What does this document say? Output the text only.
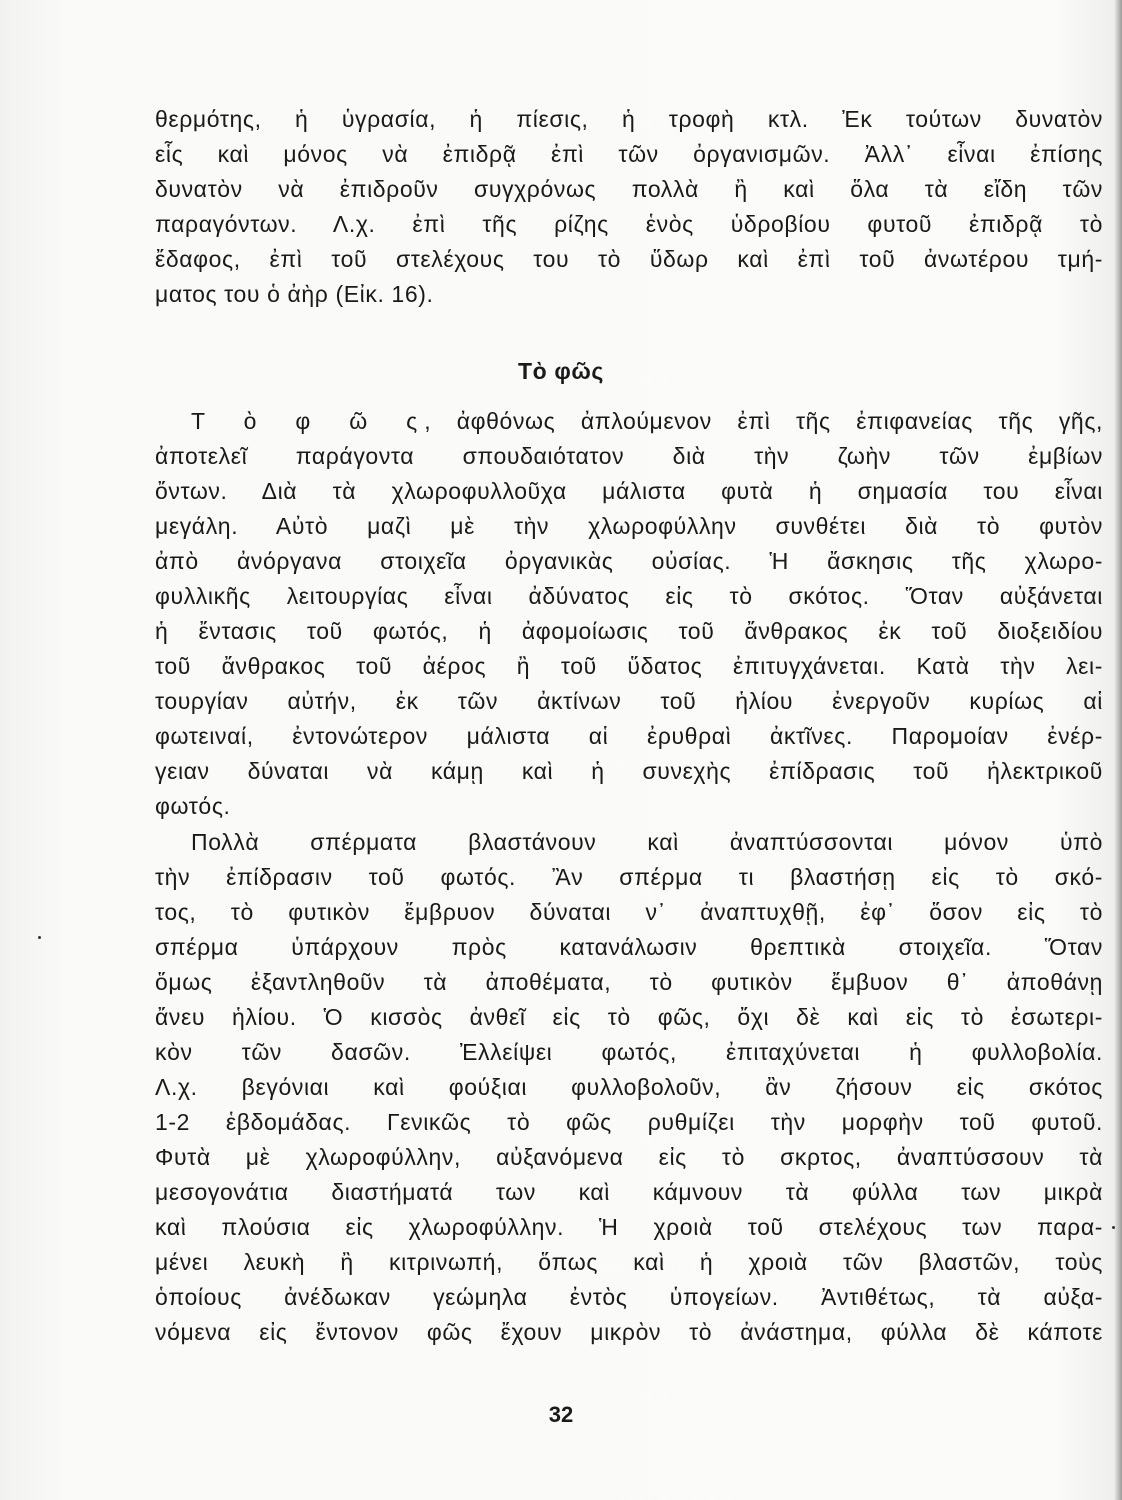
θερμότης, ἡ ὑγρασία, ἡ πίεσις, ἡ τροφὴ κτλ. Ἐκ τούτων δυνατὸν
εἷς καὶ μόνος νὰ ἐπιδρᾷ ἐπὶ τῶν ὀργανισμῶν. Ἀλλ᾽ εἶναι ἐπίσης
δυνατὸν νὰ ἐπιδροῦν συγχρόνως πολλὰ ἢ καὶ ὅλα τὰ εἴδη τῶν
παραγόντων. Λ.χ. ἐπὶ τῆς ρίζης ἑνὸς ὑδροβίου φυτοῦ ἐπιδρᾷ τὸ
ἔδαφος, ἐπὶ τοῦ στελέχους του τὸ ὕδωρ καὶ ἐπὶ τοῦ ἀνωτέρου τμή-
ματος του ὁ ἀὴρ (Εἰκ. 16).
Τὸ φῶς
Τ ὸ φ ῶ ς, ἀφθόνως ἀπλούμενον ἐπὶ τῆς ἐπιφανείας τῆς γῆς,
ἀποτελεῖ παράγοντα σπουδαιότατον διὰ τὴν ζωὴν τῶν ἐμβίων
ὄντων. Διὰ τὰ χλωροφυλλοῦχα μάλιστα φυτὰ ἡ σημασία του εἶναι
μεγάλη. Αὐτὸ μαζὶ μὲ τὴν χλωροφύλλην συνθέτει διὰ τὸ φυτὸν
ἀπὸ ἀνόργανα στοιχεῖα ὀργανικὰς οὐσίας. Ἡ ἄσκησις τῆς χλωρο-
φυλλικῆς λειτουργίας εἶναι ἀδύνατος εἰς τὸ σκότος. Ὅταν αὐξάνεται
ἡ ἔντασις τοῦ φωτός, ἡ ἀφομοίωσις τοῦ ἄνθρακος ἐκ τοῦ διοξειδίου
τοῦ ἄνθρακος τοῦ ἀέρος ἢ τοῦ ὕδατος ἐπιτυγχάνεται. Κατὰ τὴν λει-
τουργίαν αὐτήν, ἐκ τῶν ἀκτίνων τοῦ ἡλίου ἐνεργοῦν κυρίως αἱ
φωτειναί, ἐντονώτερον μάλιστα αἱ ἐρυθραὶ ἀκτῖνες. Παρομοίαν ἐνέρ-
γειαν δύναται νὰ κάμῃ καὶ ἡ συνεχὴς ἐπίδρασις τοῦ ἠλεκτρικοῦ
φωτός.
Πολλὰ σπέρματα βλαστάνουν καὶ ἀναπτύσσονται μόνον ὑπὸ
τὴν ἐπίδρασιν τοῦ φωτός. Ἂν σπέρμα τι βλαστήσῃ εἰς τὸ σκό-
τος, τὸ φυτικὸν ἔμβρυον δύναται ν᾽ ἀναπτυχθῇ, ἐφ᾽ ὅσον εἰς τὸ
σπέρμα ὑπάρχουν πρὸς κατανάλωσιν θρεπτικὰ στοιχεῖα. Ὅταν
ὅμως ἐξαντληθοῦν τὰ ἀποθέματα, τὸ φυτικὸν ἔμβυον θ᾽ ἀποθάνῃ
ἄνευ ἡλίου. Ὁ κισσὸς ἀνθεῖ εἰς τὸ φῶς, ὄχι δὲ καὶ εἰς τὸ ἐσωτερι-
κὸν τῶν δασῶν. Ἐλλείψει φωτός, ἐπιταχύνεται ἡ φυλλοβολία.
Λ.χ. βεγόνιαι καὶ φούξιαι φυλλοβολοῦν, ἂν ζήσουν εἰς σκότος
1-2 ἑβδομάδας. Γενικῶς τὸ φῶς ρυθμίζει τὴν μορφὴν τοῦ φυτοῦ.
Φυτὰ μὲ χλωροφύλλην, αὐξανόμενα εἰς τὸ σκρτος, ἀναπτύσσουν τὰ
μεσογονάτια διαστήματά των καὶ κάμνουν τὰ φύλλα των μικρὰ
καὶ πλούσια εἰς χλωροφύλλην. Ἡ χροιὰ τοῦ στελέχους των παρα-
μένει λευκὴ ἢ κιτρινωπή, ὅπως καὶ ἡ χροιὰ τῶν βλαστῶν, τοὺς
ὁποίους ἀνέδωκαν γεώμηλα ἐντὸς ὑπογείων. Ἀντιθέτως, τὰ αὐξα-
νόμενα εἰς ἔντονον φῶς ἔχουν μικρὸν τὸ ἀνάστημα, φύλλα δὲ κάποτε
32
